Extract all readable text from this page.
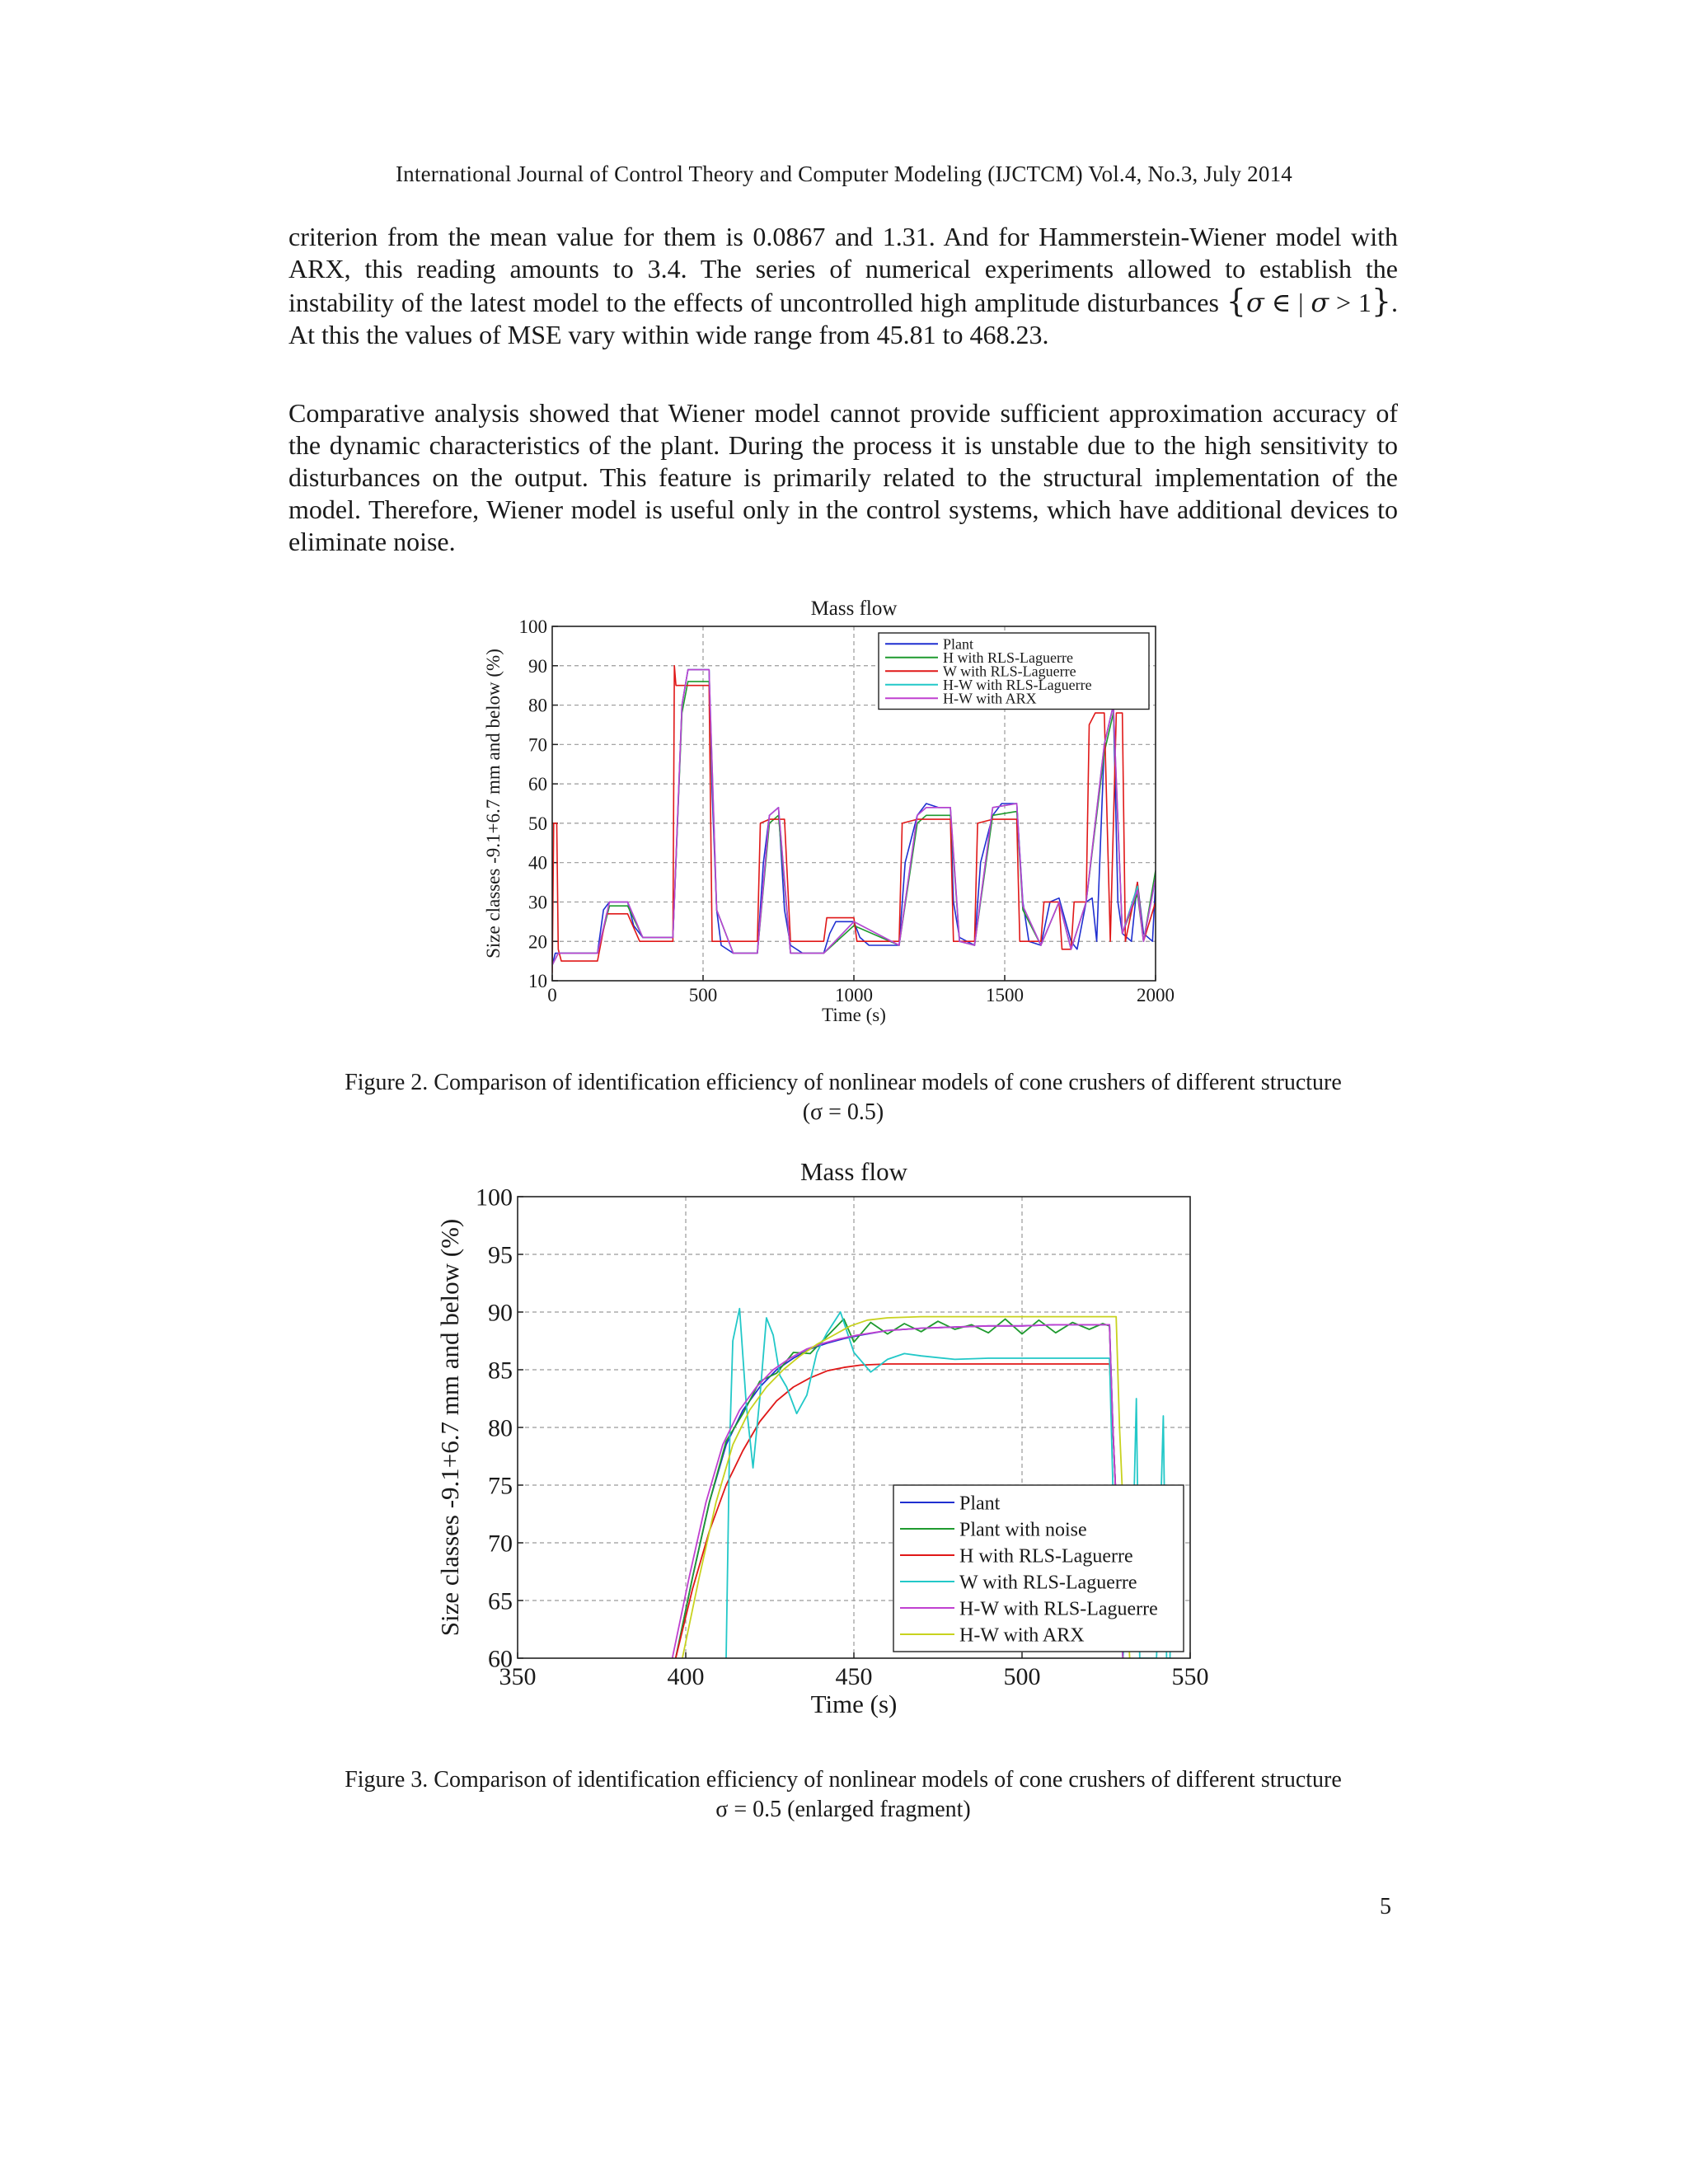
International Journal of Control Theory and Computer Modeling (IJCTCM) Vol.4, No.3, July 2014

criterion from the mean value for them is 0.0867 and 1.31. And for Hammerstein-Wiener model with ARX, this reading amounts to 3.4. The series of numerical experiments allowed to establish the instability of the latest model to the effects of uncontrolled high amplitude disturbances {σ ∈ | σ > 1}. At this the values of MSE vary within wide range from 45.81 to 468.23.

Comparative analysis showed that Wiener model cannot provide sufficient approximation accuracy of the dynamic characteristics of the plant. During the process it is unstable due to the high sensitivity to disturbances on the output. This feature is primarily related to the structural implementation of the model. Therefore, Wiener model is useful only in the control systems, which have additional devices to eliminate noise.

Mass flow
10
20
30
40
50
60
70
80
90
100
0	500	1000	1500	2000
Time (s)
Size classes -9.1+6.7 mm and below (%)
Plant
H with RLS-Laguerre
W with RLS-Laguerre
H-W with RLS-Laguerre
H-W with ARX
Figure 2. Comparison of identification efficiency of nonlinear models of cone crushers of different structure
(σ = 0.5)
Mass flow
60
65
70
75
80
85
90
95
100
350	400	450	500	550
Time (s)
Size classes -9.1+6.7 mm and below (%)	Plant
Plant with noise
H with RLS-Laguerre
W with RLS-Laguerre
H-W with RLS-Laguerre
H-W with ARX
Figure 3. Comparison of identification efficiency of nonlinear models of cone crushers of different structure
σ = 0.5 (enlarged fragment)
5
